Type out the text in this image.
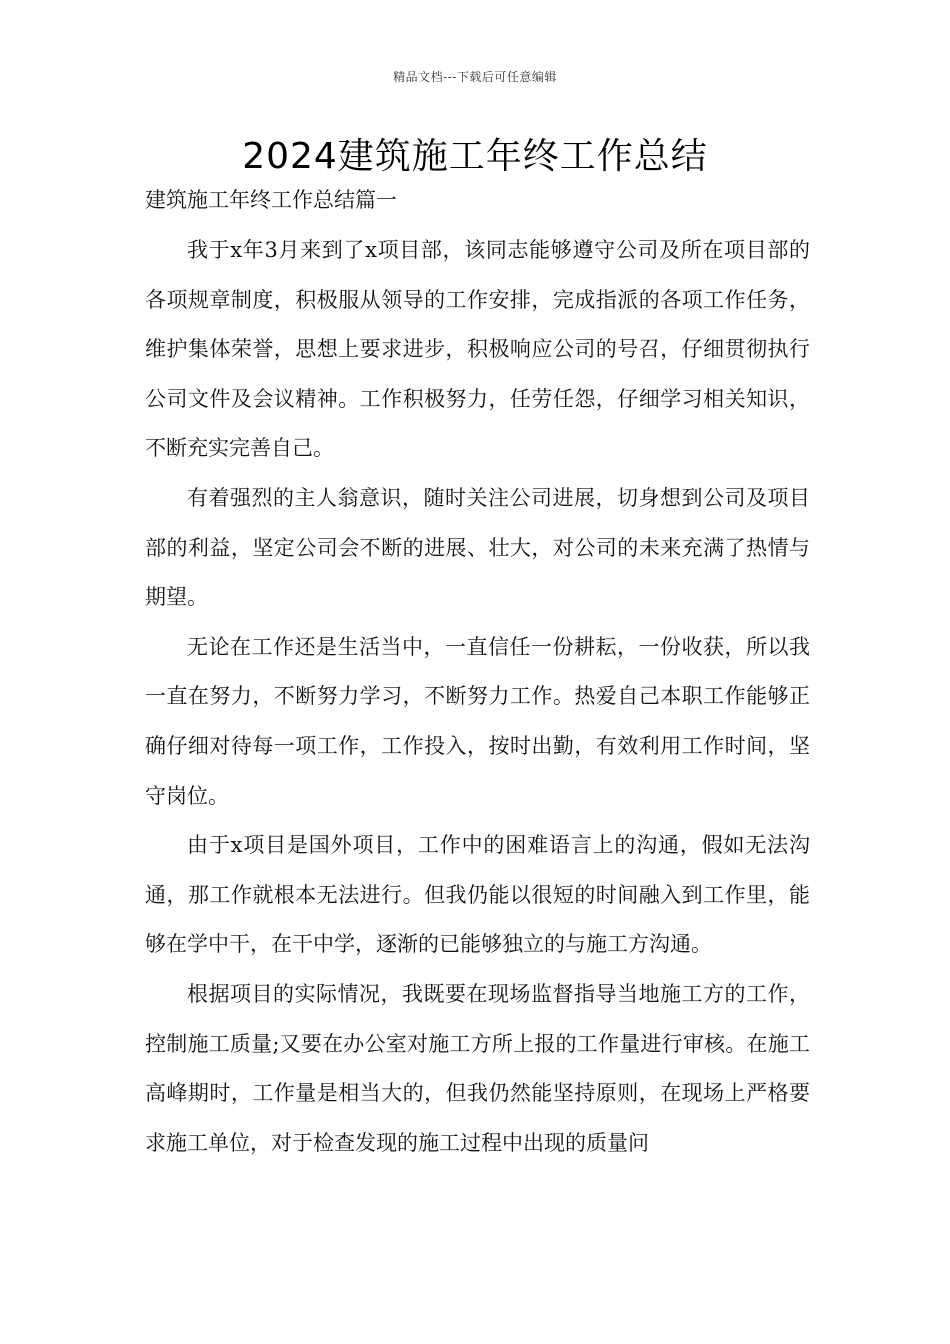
精品文档---下载后可任意编辑
2024建筑施工年终工作总结
建筑施工年终工作总结篇一

我于x年3月来到了x项目部，该同志能够遵守公司及所在项目部的各项规章制度，积极服从领导的工作安排，完成指派的各项工作任务，维护集体荣誉，思想上要求进步，积极响应公司的号召，仔细贯彻执行公司文件及会议精神。工作积极努力，任劳任怨，仔细学习相关知识，不断充实完善自己。

有着强烈的主人翁意识，随时关注公司进展，切身想到公司及项目部的利益，坚定公司会不断的进展、壮大，对公司的未来充满了热情与期望。

无论在工作还是生活当中，一直信任一份耕耘，一份收获，所以我一直在努力，不断努力学习，不断努力工作。热爱自己本职工作能够正确仔细对待每一项工作，工作投入，按时出勤，有效利用工作时间，坚守岗位。

由于x项目是国外项目，工作中的困难语言上的沟通，假如无法沟通，那工作就根本无法进行。但我仍能以很短的时间融入到工作里，能够在学中干，在干中学，逐渐的已能够独立的与施工方沟通。

根据项目的实际情况，我既要在现场监督指导当地施工方的工作，控制施工质量;又要在办公室对施工方所上报的工作量进行审核。在施工高峰期时，工作量是相当大的，但我仍然能坚持原则，在现场上严格要求施工单位，对于检查发现的施工过程中出现的质量问
